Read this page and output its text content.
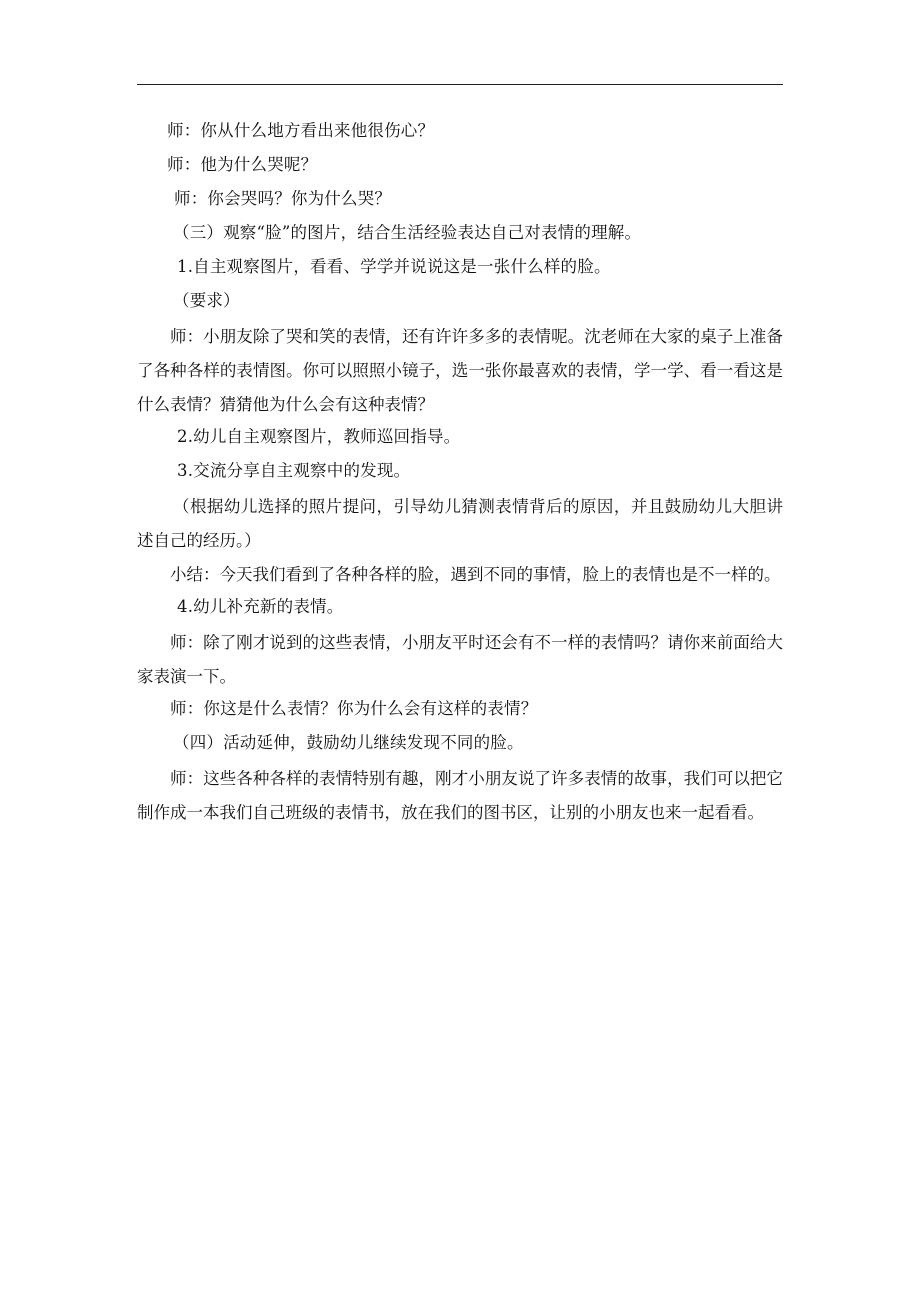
师：你从什么地方看出来他很伤心？
师：他为什么哭呢？
师：你会哭吗？你为什么哭？
（三）观察“脸”的图片，结合生活经验表达自己对表情的理解。
1.自主观察图片，看看、学学并说说这是一张什么样的脸。
（要求）
师：小朋友除了哭和笑的表情，还有许许多多的表情呢。沈老师在大家的桌子上准备了各种各样的表情图。你可以照照小镜子，选一张你最喜欢的表情，学一学、看一看这是什么表情？猜猜他为什么会有这种表情？
2.幼儿自主观察图片，教师巡回指导。
3.交流分享自主观察中的发现。
（根据幼儿选择的照片提问，引导幼儿猜测表情背后的原因，并且鼓励幼儿大胆讲述自己的经历。）
小结：今天我们看到了各种各样的脸，遇到不同的事情，脸上的表情也是不一样的。
4.幼儿补充新的表情。
师：除了刚才说到的这些表情，小朋友平时还会有不一样的表情吗？请你来前面给大家表演一下。
师：你这是什么表情？你为什么会有这样的表情？
（四）活动延伸，鼓励幼儿继续发现不同的脸。
师：这些各种各样的表情特别有趣，刚才小朋友说了许多表情的故事，我们可以把它制作成一本我们自己班级的表情书，放在我们的图书区，让别的小朋友也来一起看看。
